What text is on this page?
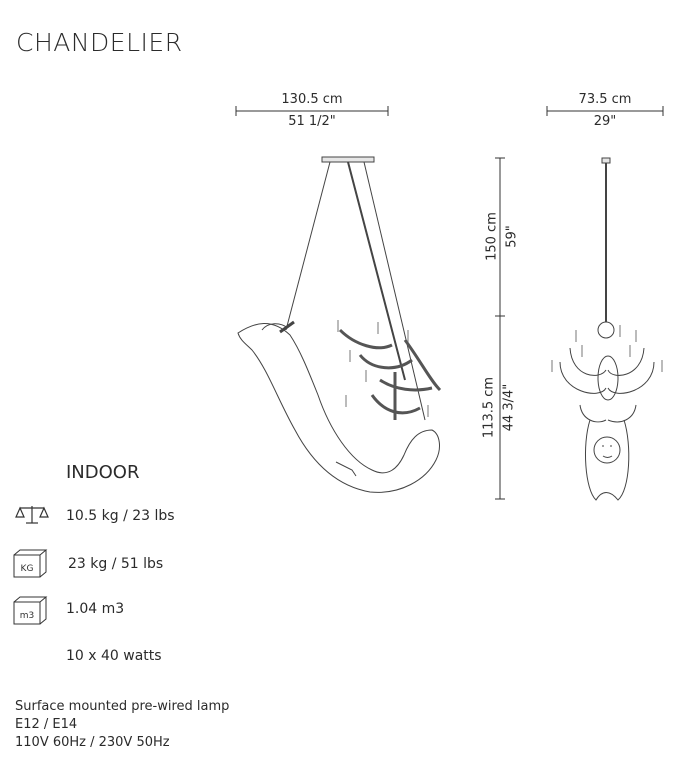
CHANDELIER
130.5 cm
51 1/2"
73.5 cm
29"
150 cm 59"
113.5 cm 44 3/4"
INDOOR
10.5 kg / 23 lbs
KG 23 kg / 51 lbs
m3 1.04 m3
10 x 40 watts
Surface mounted pre-wired lamp
E12 / E14
110V 60Hz / 230V 50Hz
